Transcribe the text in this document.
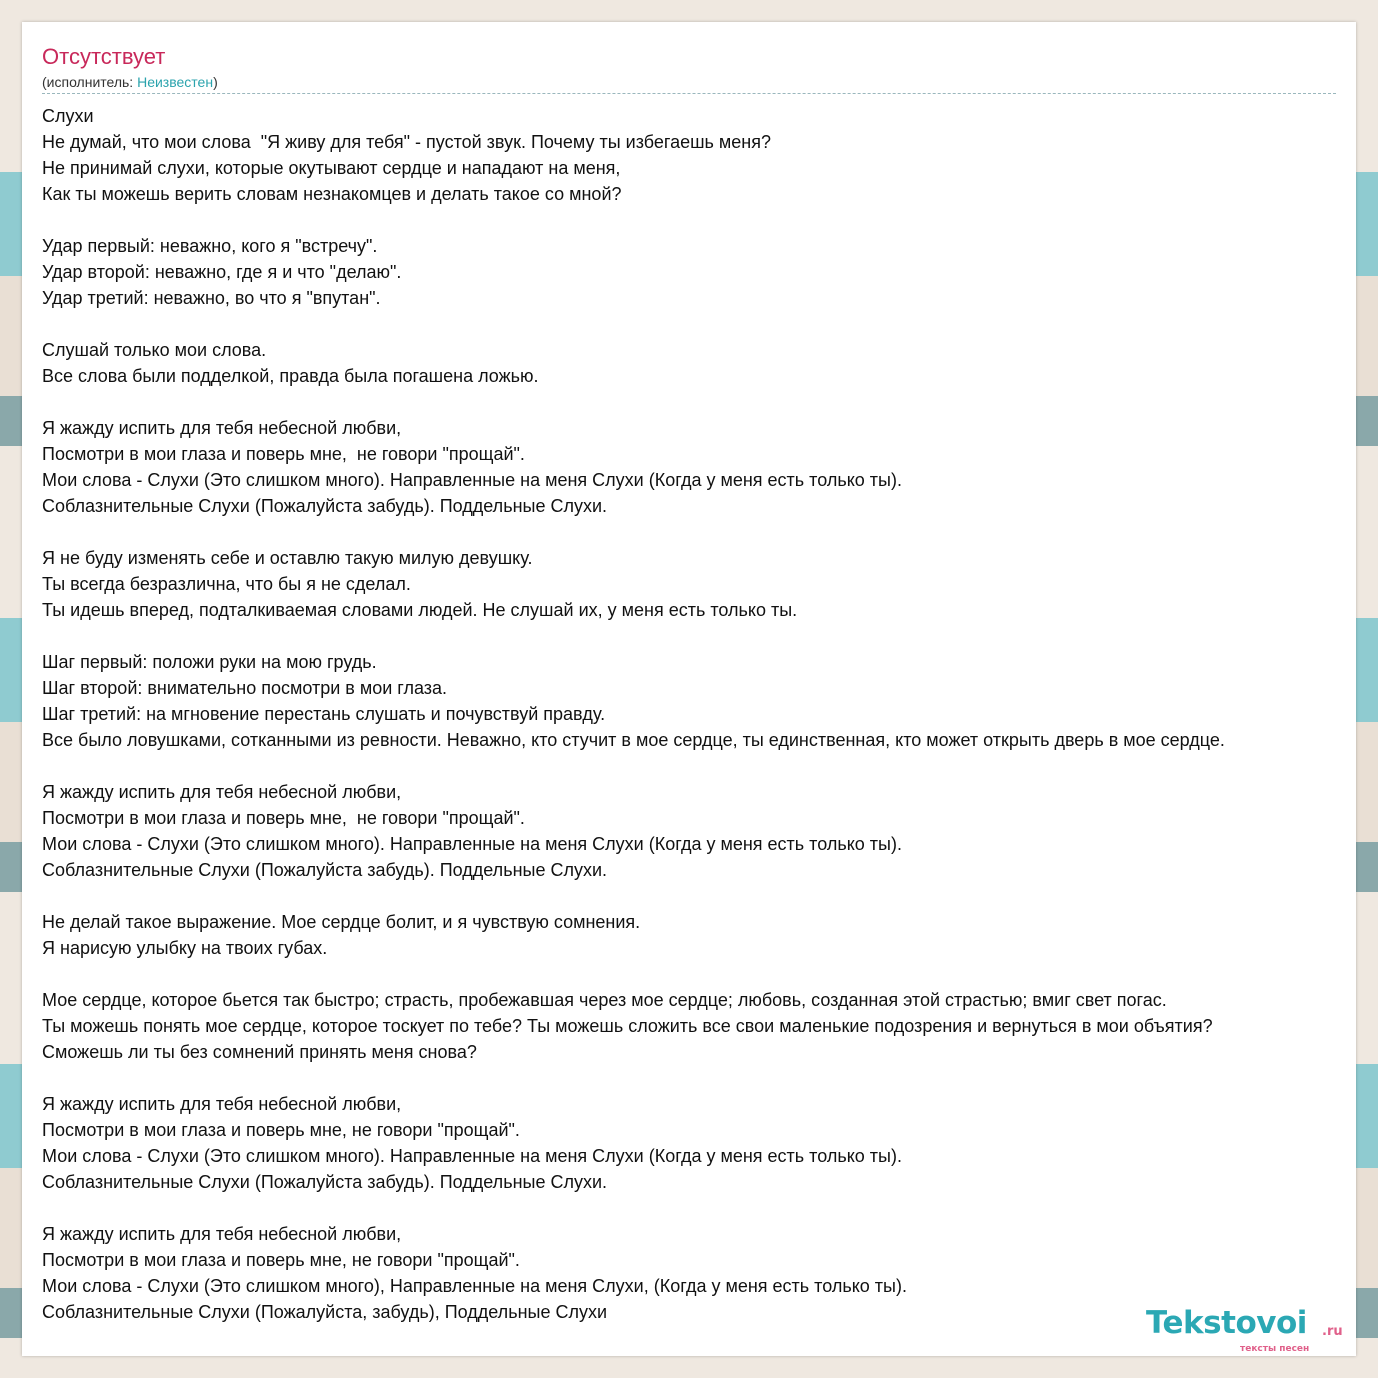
Отсутствует
(исполнитель: Неизвестен)
Слухи
Не думай, что мои слова  "Я живу для тебя" - пустой звук. Почему ты избегаешь меня?
Не принимай слухи, которые окутывают сердце и нападают на меня,
Как ты можешь верить словам незнакомцев и делать такое со мной?

Удар первый: неважно, кого я "встречу".
Удар второй: неважно, где я и что "делаю".
Удар третий: неважно, во что я "впутан".

Слушай только мои слова.
Все слова были подделкой, правда была погашена ложью.

Я жажду испить для тебя небесной любви,
Посмотри в мои глаза и поверь мне,  не говори "прощай".
Мои слова - Слухи (Это слишком много). Направленные на меня Слухи (Когда у меня есть только ты).
Соблазнительные Слухи (Пожалуйста забудь). Поддельные Слухи.

Я не буду изменять себе и оставлю такую милую девушку.
Ты всегда безразлична, что бы я не сделал.
Ты идешь вперед, подталкиваемая словами людей. Не слушай их, у меня есть только ты.

Шаг первый: положи руки на мою грудь.
Шаг второй: внимательно посмотри в мои глаза.
Шаг третий: на мгновение перестань слушать и почувствуй правду.
Все было ловушками, сотканными из ревности. Неважно, кто стучит в мое сердце, ты единственная, кто может открыть дверь в мое сердце.

Я жажду испить для тебя небесной любви,
Посмотри в мои глаза и поверь мне,  не говори "прощай".
Мои слова - Слухи (Это слишком много). Направленные на меня Слухи (Когда у меня есть только ты).
Соблазнительные Слухи (Пожалуйста забудь). Поддельные Слухи.

Не делай такое выражение. Мое сердце болит, и я чувствую сомнения.
Я нарисую улыбку на твоих губах.

Мое сердце, которое бьется так быстро; страсть, пробежавшая через мое сердце; любовь, созданная этой страстью; вмиг свет погас.
Ты можешь понять мое сердце, которое тоскует по тебе? Ты можешь сложить все свои маленькие подозрения и вернуться в мои объятия?
Сможешь ли ты без сомнений принять меня снова?

Я жажду испить для тебя небесной любви,
Посмотри в мои глаза и поверь мне, не говори "прощай".
Мои слова - Слухи (Это слишком много). Направленные на меня Слухи (Когда у меня есть только ты).
Соблазнительные Слухи (Пожалуйста забудь). Поддельные Слухи.

Я жажду испить для тебя небесной любви,
Посмотри в мои глаза и поверь мне, не говори "прощай".
Мои слова - Слухи (Это слишком много), Направленные на меня Слухи, (Когда у меня есть только ты).
Соблазнительные Слухи (Пожалуйста, забудь), Поддельные Слухи	Tekstovoi .ru
тексты песен
